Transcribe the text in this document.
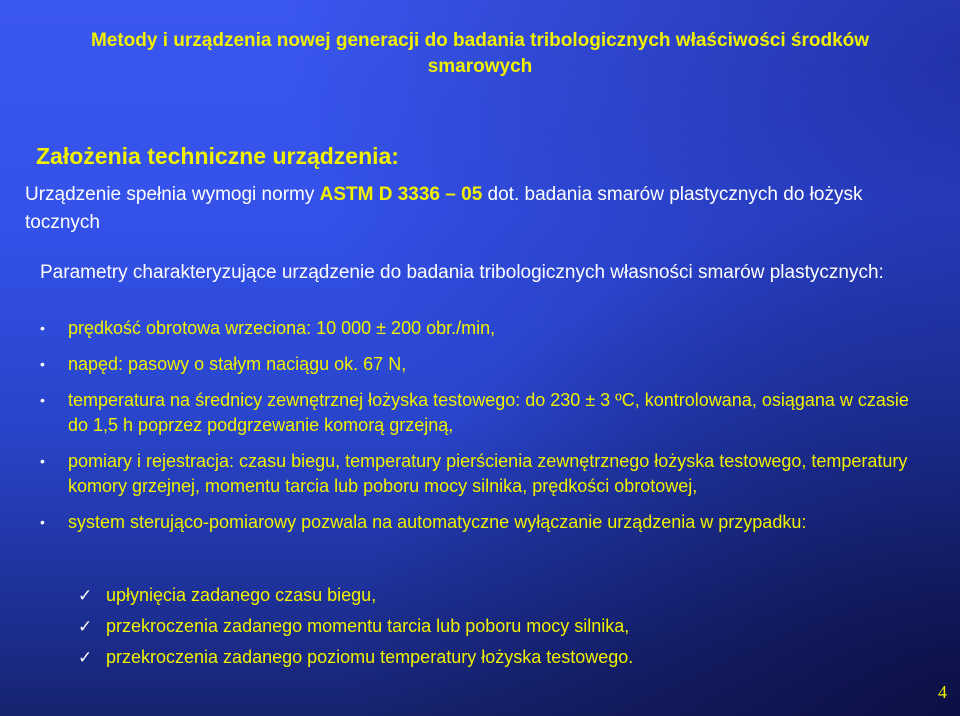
Metody i urządzenia nowej generacji do badania tribologicznych właściwości środków smarowych
Założenia techniczne urządzenia:
Urządzenie spełnia wymogi normy ASTM D 3336 – 05 dot. badania smarów plastycznych do łożysk tocznych
Parametry charakteryzujące urządzenie do badania tribologicznych własności smarów plastycznych:
• prędkość obrotowa wrzeciona: 10 000 ± 200 obr./min,
• napęd: pasowy o stałym naciągu ok. 67 N,
• temperatura na średnicy zewnętrznej łożyska testowego: do 230 ± 3 ºC, kontrolowana, osiągana w czasie do 1,5 h poprzez podgrzewanie komorą grzejną,
• pomiary i rejestracja: czasu biegu, temperatury pierścienia zewnętrznego łożyska testowego, temperatury komory grzejnej, momentu tarcia lub poboru mocy silnika, prędkości obrotowej,
• system sterująco-pomiarowy pozwala na automatyczne wyłączanie urządzenia w przypadku:
✓ upłynięcia zadanego czasu biegu,
✓ przekroczenia zadanego momentu tarcia lub poboru mocy silnika,
✓ przekroczenia zadanego poziomu temperatury łożyska testowego.
4
